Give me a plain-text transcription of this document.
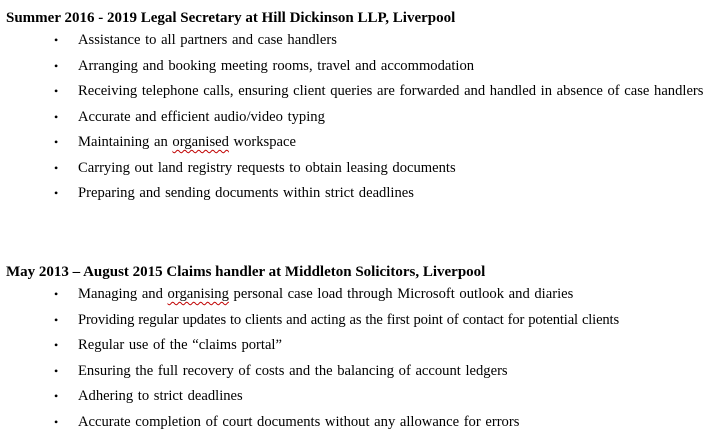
Summer 2016 - 2019 Legal Secretary at Hill Dickinson LLP, Liverpool
• Assistance to all partners and case handlers
• Arranging and booking meeting rooms, travel and accommodation
• Receiving telephone calls, ensuring client queries are forwarded and handled in absence of case handlers
• Accurate and efficient audio/video typing
• Maintaining an organised workspace
• Carrying out land registry requests to obtain leasing documents
• Preparing and sending documents within strict deadlines
May 2013 – August 2015 Claims handler at Middleton Solicitors, Liverpool
• Managing and organising personal case load through Microsoft outlook and diaries
• Providing regular updates to clients and acting as the first point of contact for potential clients
• Regular use of the “claims portal”
• Ensuring the full recovery of costs and the balancing of account ledgers
• Adhering to strict deadlines
• Accurate completion of court documents without any allowance for errors
